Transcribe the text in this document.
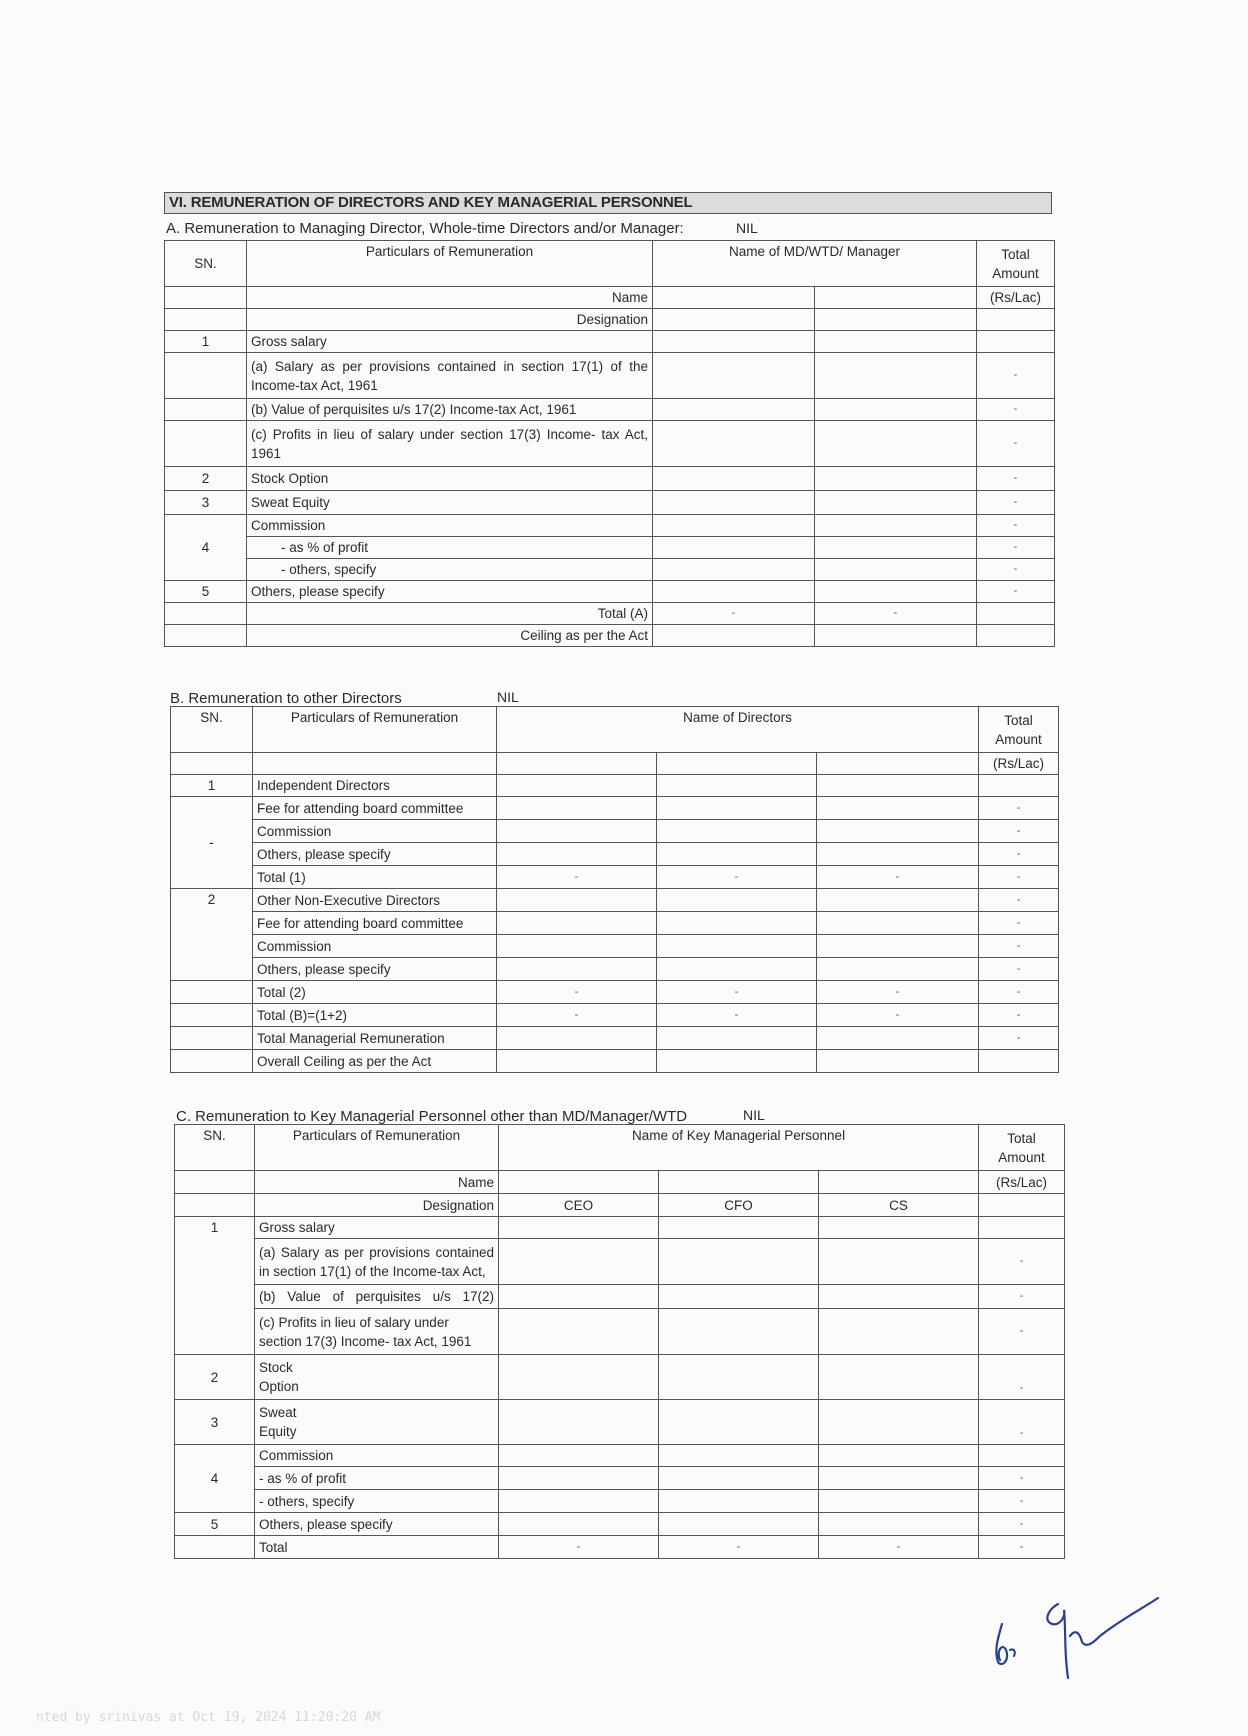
VI. REMUNERATION OF DIRECTORS AND KEY MANAGERIAL PERSONNEL
A. Remuneration to Managing Director, Whole-time Directors and/or Manager:	NIL
SN.	Particulars of Remuneration	Name of MD/WTD/ Manager		Total
Amount
	Name			(Rs/Lac)
	Designation			
1	Gross salary			
	(a) Salary as per provisions contained in section 17(1) of the Income-tax Act, 1961			-
	(b) Value of perquisites u/s 17(2) Income-tax Act, 1961			-
	(c) Profits in lieu of salary under section 17(3) Income- tax Act, 1961			-
2	Stock Option			-
3	Sweat Equity			-
4	Commission			-
	- as % of profit			-
	- others, specify			-
5	Others, please specify			-
	Total (A)	-	-	
	Ceiling as per the Act			
B. Remuneration to other Directors	NIL
SN.	Particulars of Remuneration	Name of Directors			Total
Amount
					(Rs/Lac)
1	Independent Directors				
-	Fee for attending board committee				-
	Commission				-
	Others, please specify				-
	Total (1)	-	-	-	-
2	Other Non-Executive Directors				-
	Fee for attending board committee				-
	Commission				-
	Others, please specify				-
	Total (2)	-	-	-	-
	Total (B)=(1+2)	-	-	-	-
	Total Managerial Remuneration				-
	Overall Ceiling as per the Act				
C. Remuneration to Key Managerial Personnel other than MD/Manager/WTD	NIL
SN.	Particulars of Remuneration	Name of Key Managerial Personnel			Total
Amount
	Name				(Rs/Lac)
	Designation	CEO	CFO	CS	
1	Gross salary				
	(a) Salary as per provisions contained in section 17(1) of the Income-tax Act,				-
	(b) Value of perquisites u/s 17(2)				-
	(c) Profits in lieu of salary under section 17(3) Income- tax Act, 1961				-
2	Stock
Option				-
3	Sweat
Equity				-
4	Commission				
	- as % of profit				-
	- others, specify				-
5	Others, please specify				-
	Total	-	-	-	-
nted by srinivas at Oct 19, 2024 11:20:20 AM
